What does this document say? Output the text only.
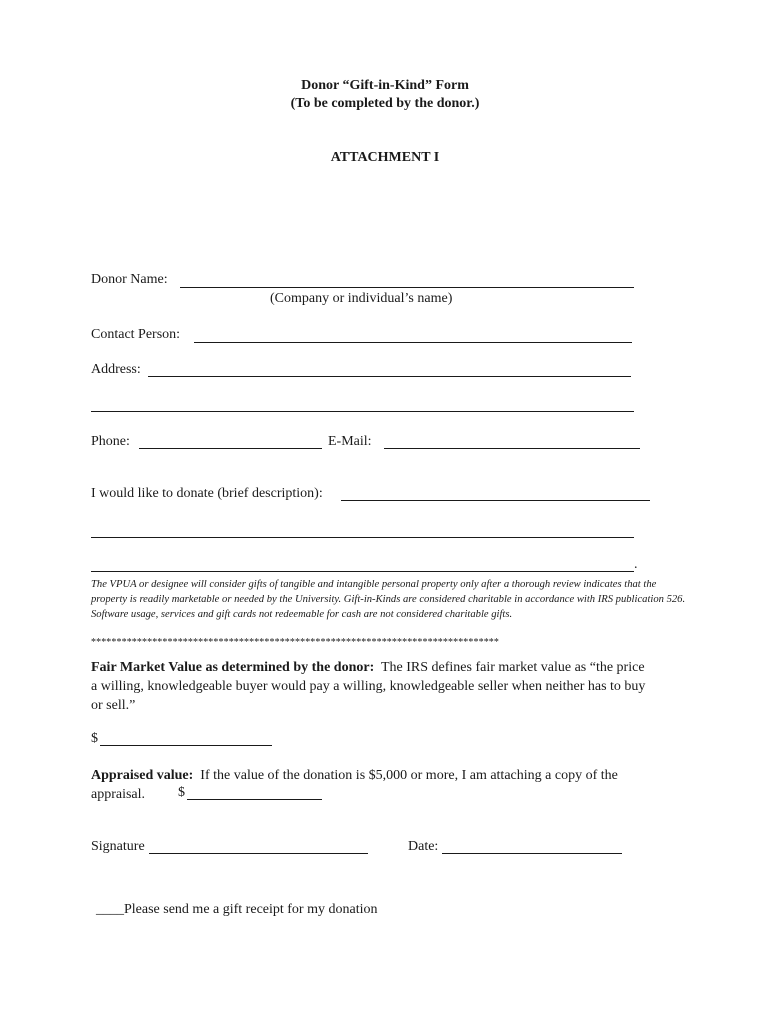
Donor “Gift-in-Kind” Form
(To be completed by the donor.)
ATTACHMENT I
Donor Name:
(Company or individual’s name)
Contact Person:
Address:
Phone:	E-Mail:
I would like to donate (brief description):
.
The VPUA or designee will consider gifts of tangible and intangible personal property only after a thorough review indicates that the property is readily marketable or needed by the University. Gift-in-Kinds are considered charitable in accordance with IRS publication 526. Software usage, services and gift cards not redeemable for cash are not considered charitable gifts.
********************************************************************************
Fair Market Value as determined by the donor: The IRS defines fair market value as “the price a willing, knowledgeable buyer would pay a willing, knowledgeable seller when neither has to buy or sell.”
$
Appraised value: If the value of the donation is $5,000 or more, I am attaching a copy of the appraisal.	$
Signature	Date:
____Please send me a gift receipt for my donation
